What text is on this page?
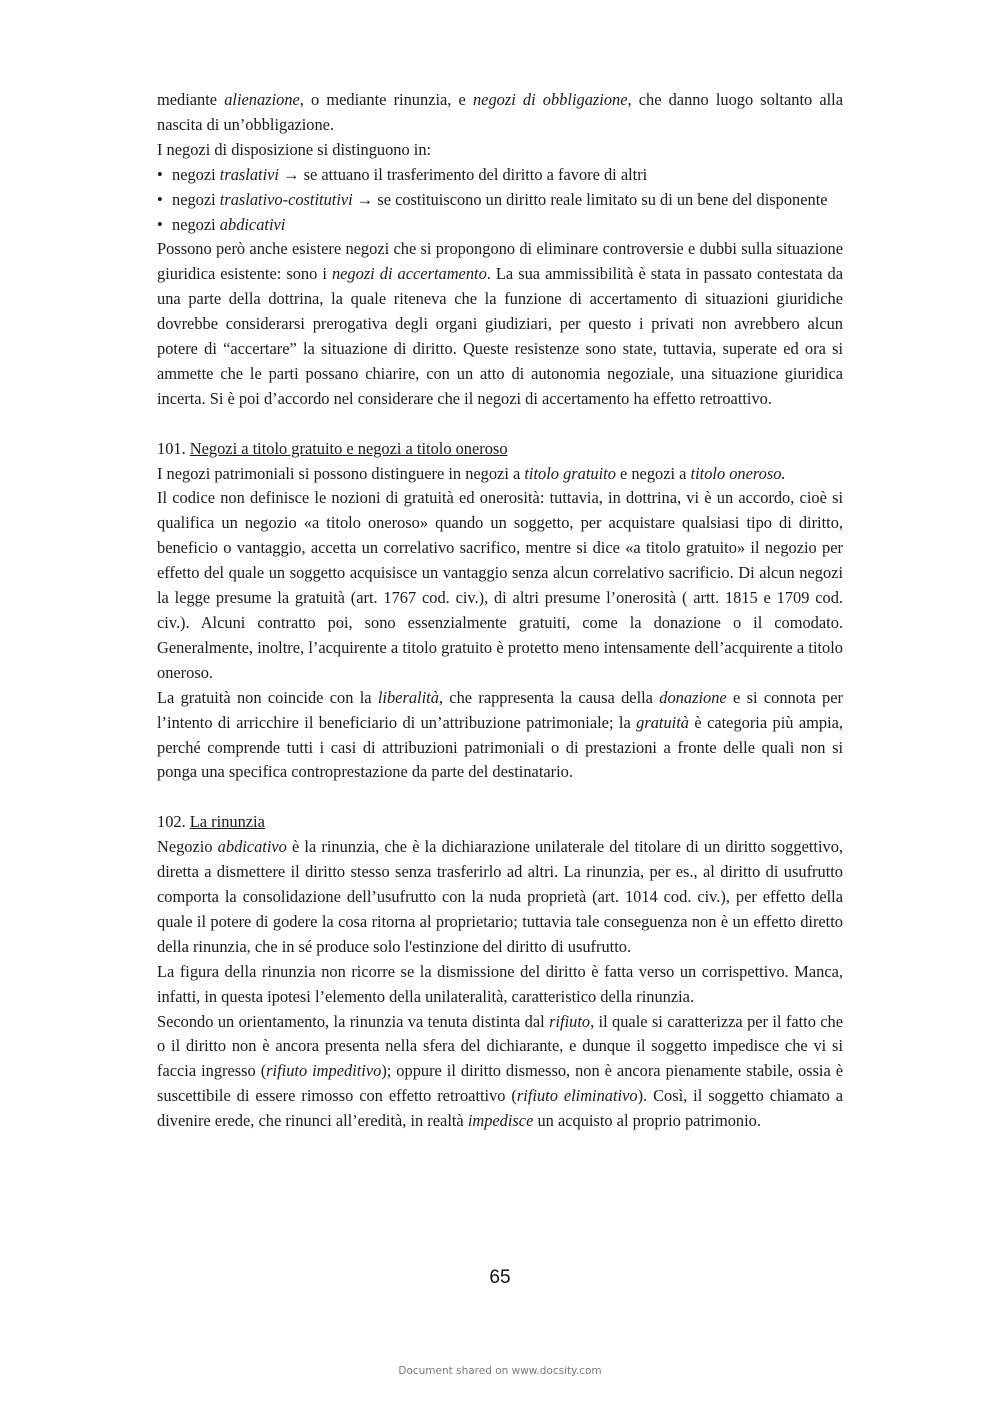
mediante alienazione, o mediante rinunzia, e negozi di obbligazione, che danno luogo soltanto alla nascita di un’obbligazione.

I negozi di disposizione si distinguono in:

• negozi traslativi → se attuano il trasferimento del diritto a favore di altri
• negozi traslativo-costitutivi → se costituiscono un diritto reale limitato su di un bene del disponente
• negozi abdicativi

Possono però anche esistere negozi che si propongono di eliminare controversie e dubbi sulla situazione giuridica esistente: sono i negozi di accertamento. La sua ammissibilità è stata in passato contestata da una parte della dottrina, la quale riteneva che la funzione di accertamento di situazioni giuridiche dovrebbe considerarsi prerogativa degli organi giudiziari, per questo i privati non avrebbero alcun potere di “accertare” la situazione di diritto. Queste resistenze sono state, tuttavia, superate ed ora si ammette che le parti possano chiarire, con un atto di autonomia negoziale, una situazione giuridica incerta. Si è poi d’accordo nel considerare che il negozi di accertamento ha effetto retroattivo.

101. Negozi a titolo gratuito e negozi a titolo oneroso

I negozi patrimoniali si possono distinguere in negozi a titolo gratuito e negozi a titolo oneroso.

Il codice non definisce le nozioni di gratuità ed onerosità: tuttavia, in dottrina, vi è un accordo, cioè si qualifica un negozio «a titolo oneroso» quando un soggetto, per acquistare qualsiasi tipo di diritto, beneficio o vantaggio, accetta un correlativo sacrifico, mentre si dice «a titolo gratuito» il negozio per effetto del quale un soggetto acquisisce un vantaggio senza alcun correlativo sacrificio. Di alcun negozi la legge presume la gratuità (art. 1767 cod. civ.), di altri presume l’onerosità ( artt. 1815 e 1709 cod. civ.). Alcuni contratto poi, sono essenzialmente gratuiti, come la donazione o il comodato. Generalmente, inoltre, l’acquirente a titolo gratuito è protetto meno intensamente dell’acquirente a titolo oneroso.

La gratuità non coincide con la liberalità, che rappresenta la causa della donazione e si connota per l’intento di arricchire il beneficiario di un’attribuzione patrimoniale; la gratuità è categoria più ampia, perché comprende tutti i casi di attribuzioni patrimoniali o di prestazioni a fronte delle quali non si ponga una specifica controprestazione da parte del destinatario.

102. La rinunzia

Negozio abdicativo è la rinunzia, che è la dichiarazione unilaterale del titolare di un diritto soggettivo, diretta a dismettere il diritto stesso senza trasferirlo ad altri. La rinunzia, per es., al diritto di usufrutto comporta la consolidazione dell’usufrutto con la nuda proprietà (art. 1014 cod. civ.), per effetto della quale il potere di godere la cosa ritorna al proprietario; tuttavia tale conseguenza non è un effetto diretto della rinunzia, che in sé produce solo l'estinzione del diritto di usufrutto.

La figura della rinunzia non ricorre se la dismissione del diritto è fatta verso un corrispettivo. Manca, infatti, in questa ipotesi l’elemento della unilateralità, caratteristico della rinunzia.

Secondo un orientamento, la rinunzia va tenuta distinta dal rifiuto, il quale si caratterizza per il fatto che o il diritto non è ancora presenta nella sfera del dichiarante, e dunque il soggetto impedisce che vi si faccia ingresso (rifiuto impeditivo); oppure il diritto dismesso, non è ancora pienamente stabile, ossia è suscettibile di essere rimosso con effetto retroattivo (rifiuto eliminativo). Così, il soggetto chiamato a divenire erede, che rinunci all’eredità, in realtà impedisce un acquisto al proprio patrimonio.

65
Document shared on www.docsity.com
